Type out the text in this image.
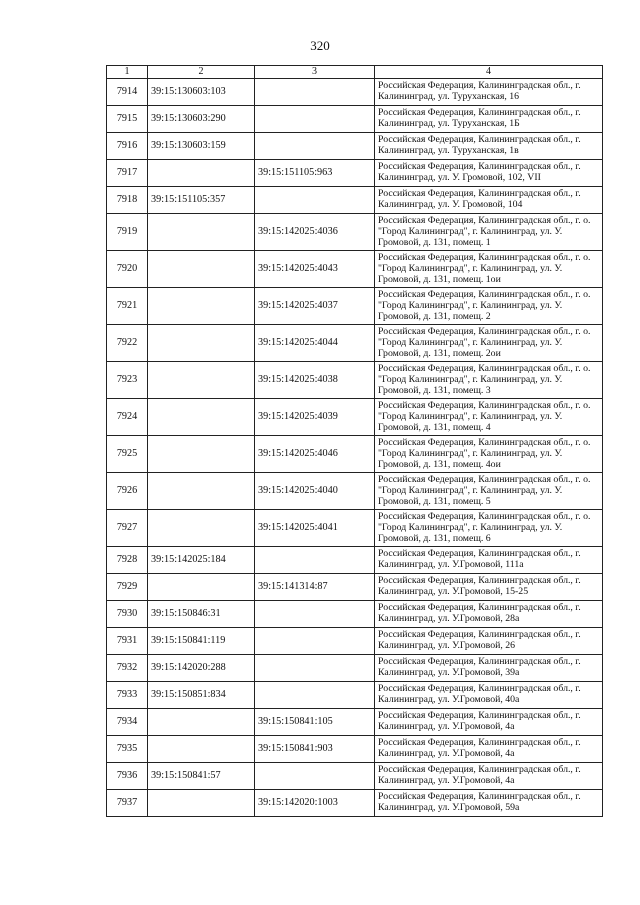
320
1	2	3	4
7914	39:15:130603:103		Российская Федерация, Калининградская обл., г. Калининград, ул. Туруханская, 16
7915	39:15:130603:290		Российская Федерация, Калининградская обл., г. Калининград, ул. Туруханская, 1Б
7916	39:15:130603:159		Российская Федерация, Калининградская обл., г. Калининград, ул. Туруханская, 1в
7917		39:15:151105:963	Российская Федерация, Калининградская обл., г. Калининград, ул. У. Громовой, 102, VII
7918	39:15:151105:357		Российская Федерация, Калининградская обл., г. Калининград, ул. У. Громовой, 104
7919		39:15:142025:4036	Российская Федерация, Калининградская обл., г. о. "Город Калининград", г. Калининград, ул. У. Громовой, д. 131, помещ. 1
7920		39:15:142025:4043	Российская Федерация, Калининградская обл., г. о. "Город Калининград", г. Калининград, ул. У. Громовой, д. 131, помещ. 1ои
7921		39:15:142025:4037	Российская Федерация, Калининградская обл., г. о. "Город Калининград", г. Калининград, ул. У. Громовой, д. 131, помещ. 2
7922		39:15:142025:4044	Российская Федерация, Калининградская обл., г. о. "Город Калининград", г. Калининград, ул. У. Громовой, д. 131, помещ. 2ои
7923		39:15:142025:4038	Российская Федерация, Калининградская обл., г. о. "Город Калининград", г. Калининград, ул. У. Громовой, д. 131, помещ. 3
7924		39:15:142025:4039	Российская Федерация, Калининградская обл., г. о. "Город Калининград", г. Калининград, ул. У. Громовой, д. 131, помещ. 4
7925		39:15:142025:4046	Российская Федерация, Калининградская обл., г. о. "Город Калининград", г. Калининград, ул. У. Громовой, д. 131, помещ. 4ои
7926		39:15:142025:4040	Российская Федерация, Калининградская обл., г. о. "Город Калининград", г. Калининград, ул. У. Громовой, д. 131, помещ. 5
7927		39:15:142025:4041	Российская Федерация, Калининградская обл., г. о. "Город Калининград", г. Калининград, ул. У. Громовой, д. 131, помещ. 6
7928	39:15:142025:184		Российская Федерация, Калининградская обл., г. Калининград, ул. У.Громовой, 111а
7929		39:15:141314:87	Российская Федерация, Калининградская обл., г. Калининград, ул. У.Громовой, 15-25
7930	39:15:150846:31		Российская Федерация, Калининградская обл., г. Калининград, ул. У.Громовой, 28а
7931	39:15:150841:119		Российская Федерация, Калининградская обл., г. Калининград, ул. У.Громовой, 26
7932	39:15:142020:288		Российская Федерация, Калининградская обл., г. Калининград, ул. У.Громовой, 39а
7933	39:15:150851:834		Российская Федерация, Калининградская обл., г. Калининград, ул. У.Громовой, 40а
7934		39:15:150841:105	Российская Федерация, Калининградская обл., г. Калининград, ул. У.Громовой, 4а
7935		39:15:150841:903	Российская Федерация, Калининградская обл., г. Калининград, ул. У.Громовой, 4а
7936	39:15:150841:57		Российская Федерация, Калининградская обл., г. Калининград, ул. У.Громовой, 4а
7937		39:15:142020:1003	Российская Федерация, Калининградская обл., г. Калининград, ул. У.Громовой, 59а
